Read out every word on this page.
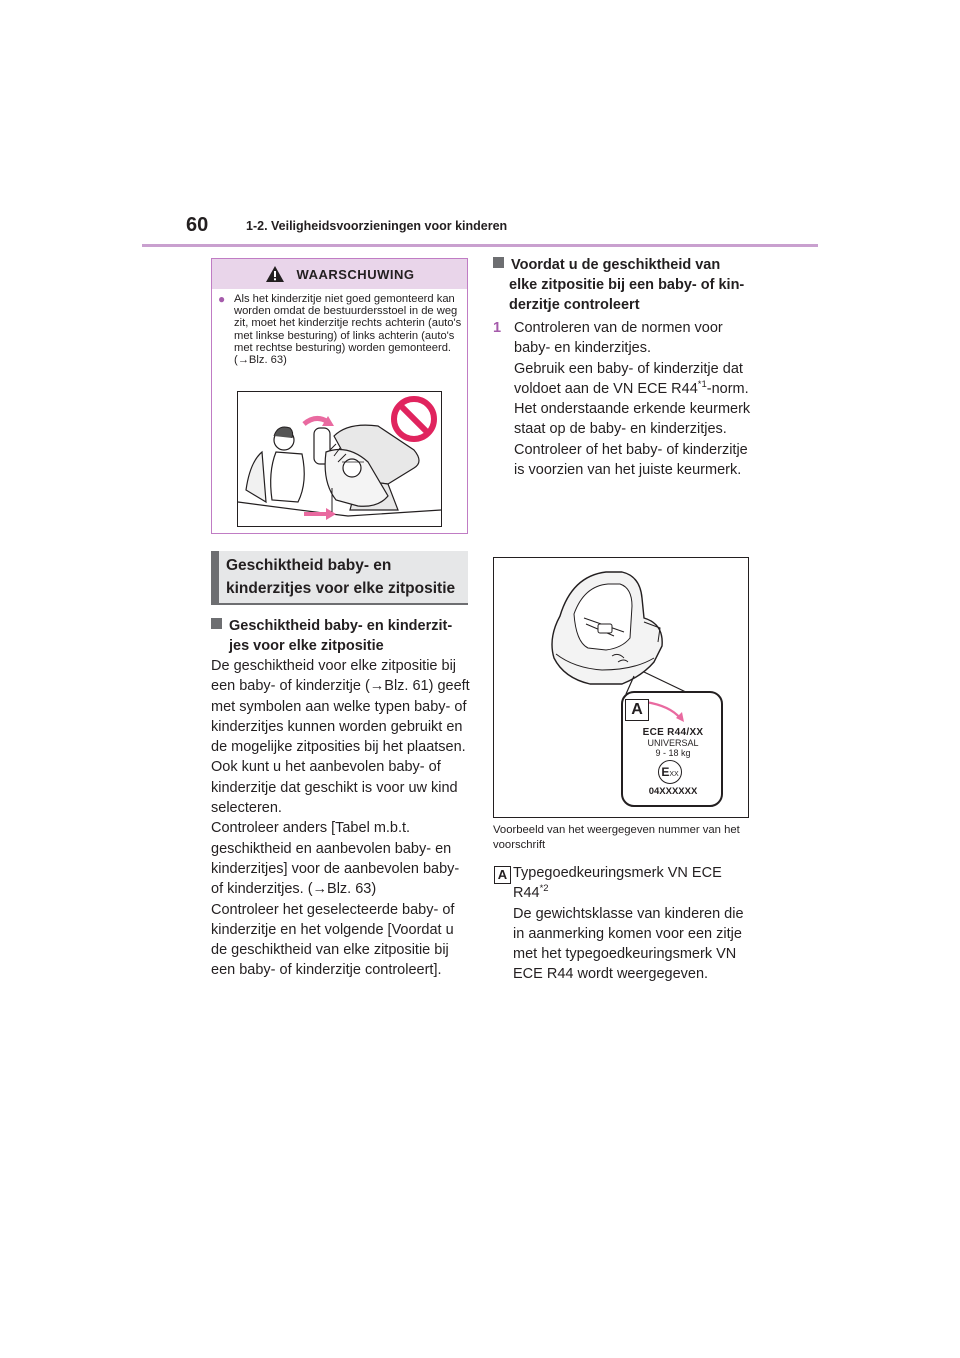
60	1-2. Veiligheidsvoorzieningen voor kinderen
WAARSCHUWING
● Als het kinderzitje niet goed gemonteerd kan worden omdat de bestuurdersstoel in de weg zit, moet het kinderzitje rechts achterin (auto's met linkse besturing) of links achterin (auto's met rechtse besturing) worden gemonteerd. (→Blz. 63)
Geschiktheid baby- en kinderzitjes voor elke zitpositie
Geschiktheid baby- en kinderzit-
jes voor elke zitpositie
De geschiktheid voor elke zitpositie bij een baby- of kinderzitje (→Blz. 61) geeft met symbolen aan welke typen baby- of kinderzitjes kunnen worden gebruikt en de mogelijke zitposities bij het plaatsen. Ook kunt u het aanbevolen baby- of kinderzitje dat geschikt is voor uw kind selecteren.
Controleer anders [Tabel m.b.t. geschiktheid en aanbevolen baby- en kinderzitjes] voor de aanbevolen baby- of kinderzitjes. (→Blz. 63)
Controleer het geselecteerde baby- of kinderzitje en het volgende [Voordat u de geschiktheid van elke zitpositie bij een baby- of kinderzitje controleert].
Voordat u de geschiktheid van
elke zitpositie bij een baby- of kin-
derzitje controleert
1 Controleren van de normen voor baby- en kinderzitjes.
Gebruik een baby- of kinderzitje dat voldoet aan de VN ECE R44$^{*1}$-norm.
Het onderstaande erkende keurmerk staat op de baby- en kinderzitjes.
Controleer of het baby- of kinderzitje is voorzien van het juiste keurmerk.
A
ECE R44/XX
UNIVERSAL
9 - 18 kg
EXX
04XXXXXX
Voorbeeld van het weergegeven nummer van het voorschrift
A Typegoedkeuringsmerk VN ECE R44$^{*2}$
De gewichtsklasse van kinderen die in aanmerking komen voor een zitje met het typegoedkeuringsmerk VN ECE R44 wordt weergegeven.
